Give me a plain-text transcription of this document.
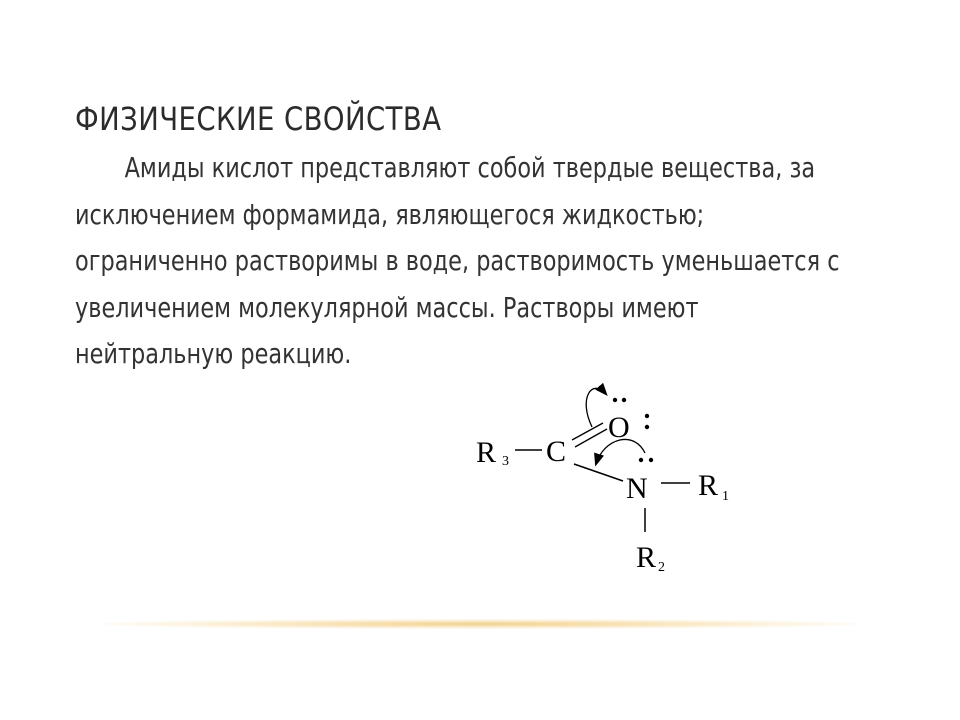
ФИЗИЧЕСКИЕ СВОЙСТВА

Амиды кислот представляют собой твердые вещества, за исключением формамида, являющегося жидкостью; ограниченно растворимы в воде, растворимость уменьшается с увеличением молекулярной массы. Растворы имеют нейтральную реакцию.

R 3 C
O
N R 1
R 2
